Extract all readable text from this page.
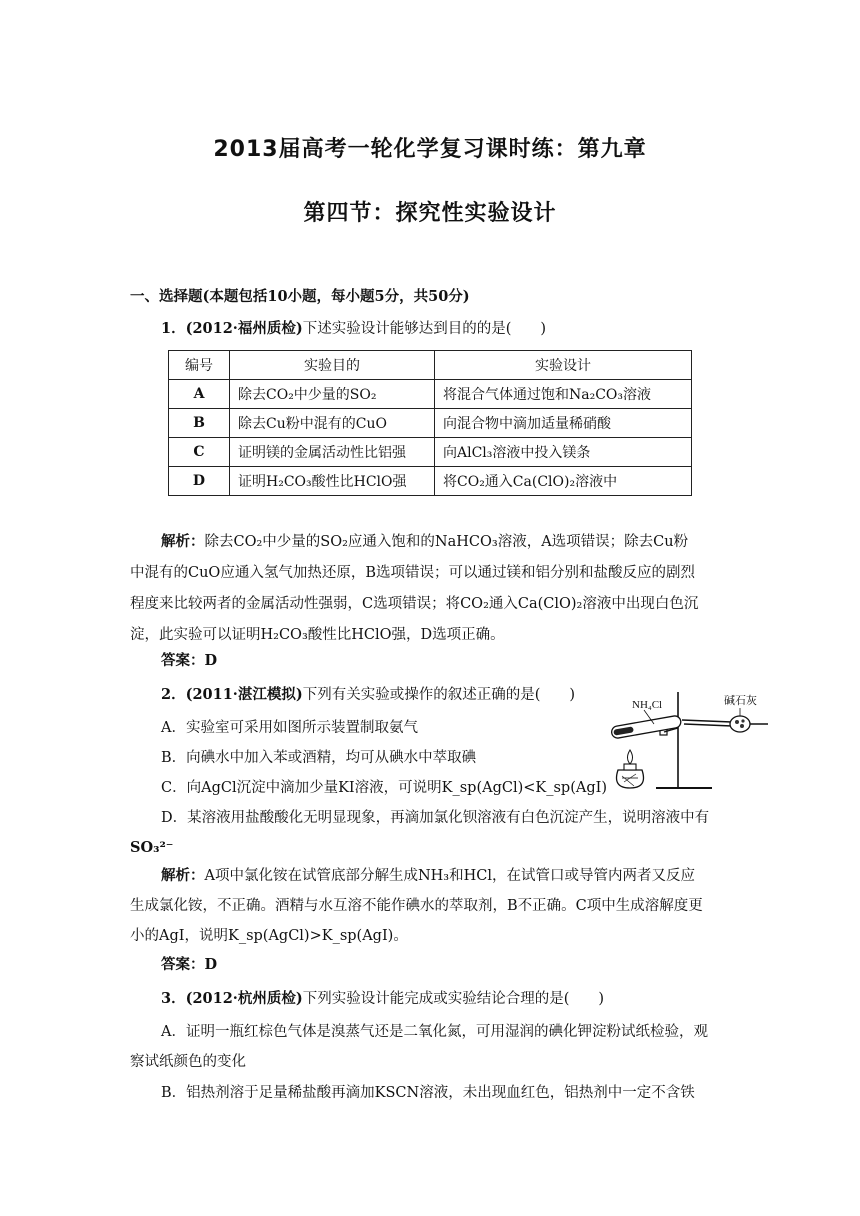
2013届高考一轮化学复习课时练：第九章
第四节：探究性实验设计
一、选择题(本题包括10小题，每小题5分，共50分)
1．(2012·福州质检)下述实验设计能够达到目的的是(　　)
编号	实验目的	实验设计
A	除去CO₂中少量的SO₂	将混合气体通过饱和Na₂CO₃溶液
B	除去Cu粉中混有的CuO	向混合物中滴加适量稀硝酸
C	证明镁的金属活动性比铝强	向AlCl₃溶液中投入镁条
D	证明H₂CO₃酸性比HClO强	将CO₂通入Ca(ClO)₂溶液中
解析：除去CO₂中少量的SO₂应通入饱和的NaHCO₃溶液，A选项错误；除去Cu粉
中混有的CuO应通入氢气加热还原，B选项错误；可以通过镁和铝分别和盐酸反应的剧烈
程度来比较两者的金属活动性强弱，C选项错误；将CO₂通入Ca(ClO)₂溶液中出现白色沉
淀，此实验可以证明H₂CO₃酸性比HClO强，D选项正确。
答案：D
2．(2011·湛江模拟)下列有关实验或操作的叙述正确的是(　　)
A．实验室可采用如图所示装置制取氨气
B．向碘水中加入苯或酒精，均可从碘水中萃取碘
C．向AgCl沉淀中滴加少量KI溶液，可说明K_sp(AgCl)<K_sp(AgI)
D．某溶液用盐酸酸化无明显现象，再滴加氯化钡溶液有白色沉淀产生，说明溶液中有
SO₃²⁻
NH₄Cl	碱石灰
解析：A项中氯化铵在试管底部分解生成NH₃和HCl，在试管口或导管内两者又反应
生成氯化铵，不正确。酒精与水互溶不能作碘水的萃取剂，B不正确。C项中生成溶解度更
小的AgI，说明K_sp(AgCl)>K_sp(AgI)。
答案：D
3．(2012·杭州质检)下列实验设计能完成或实验结论合理的是(　　)
A．证明一瓶红棕色气体是溴蒸气还是二氧化氮，可用湿润的碘化钾淀粉试纸检验，观
察试纸颜色的变化
B．铝热剂溶于足量稀盐酸再滴加KSCN溶液，未出现血红色，铝热剂中一定不含铁
